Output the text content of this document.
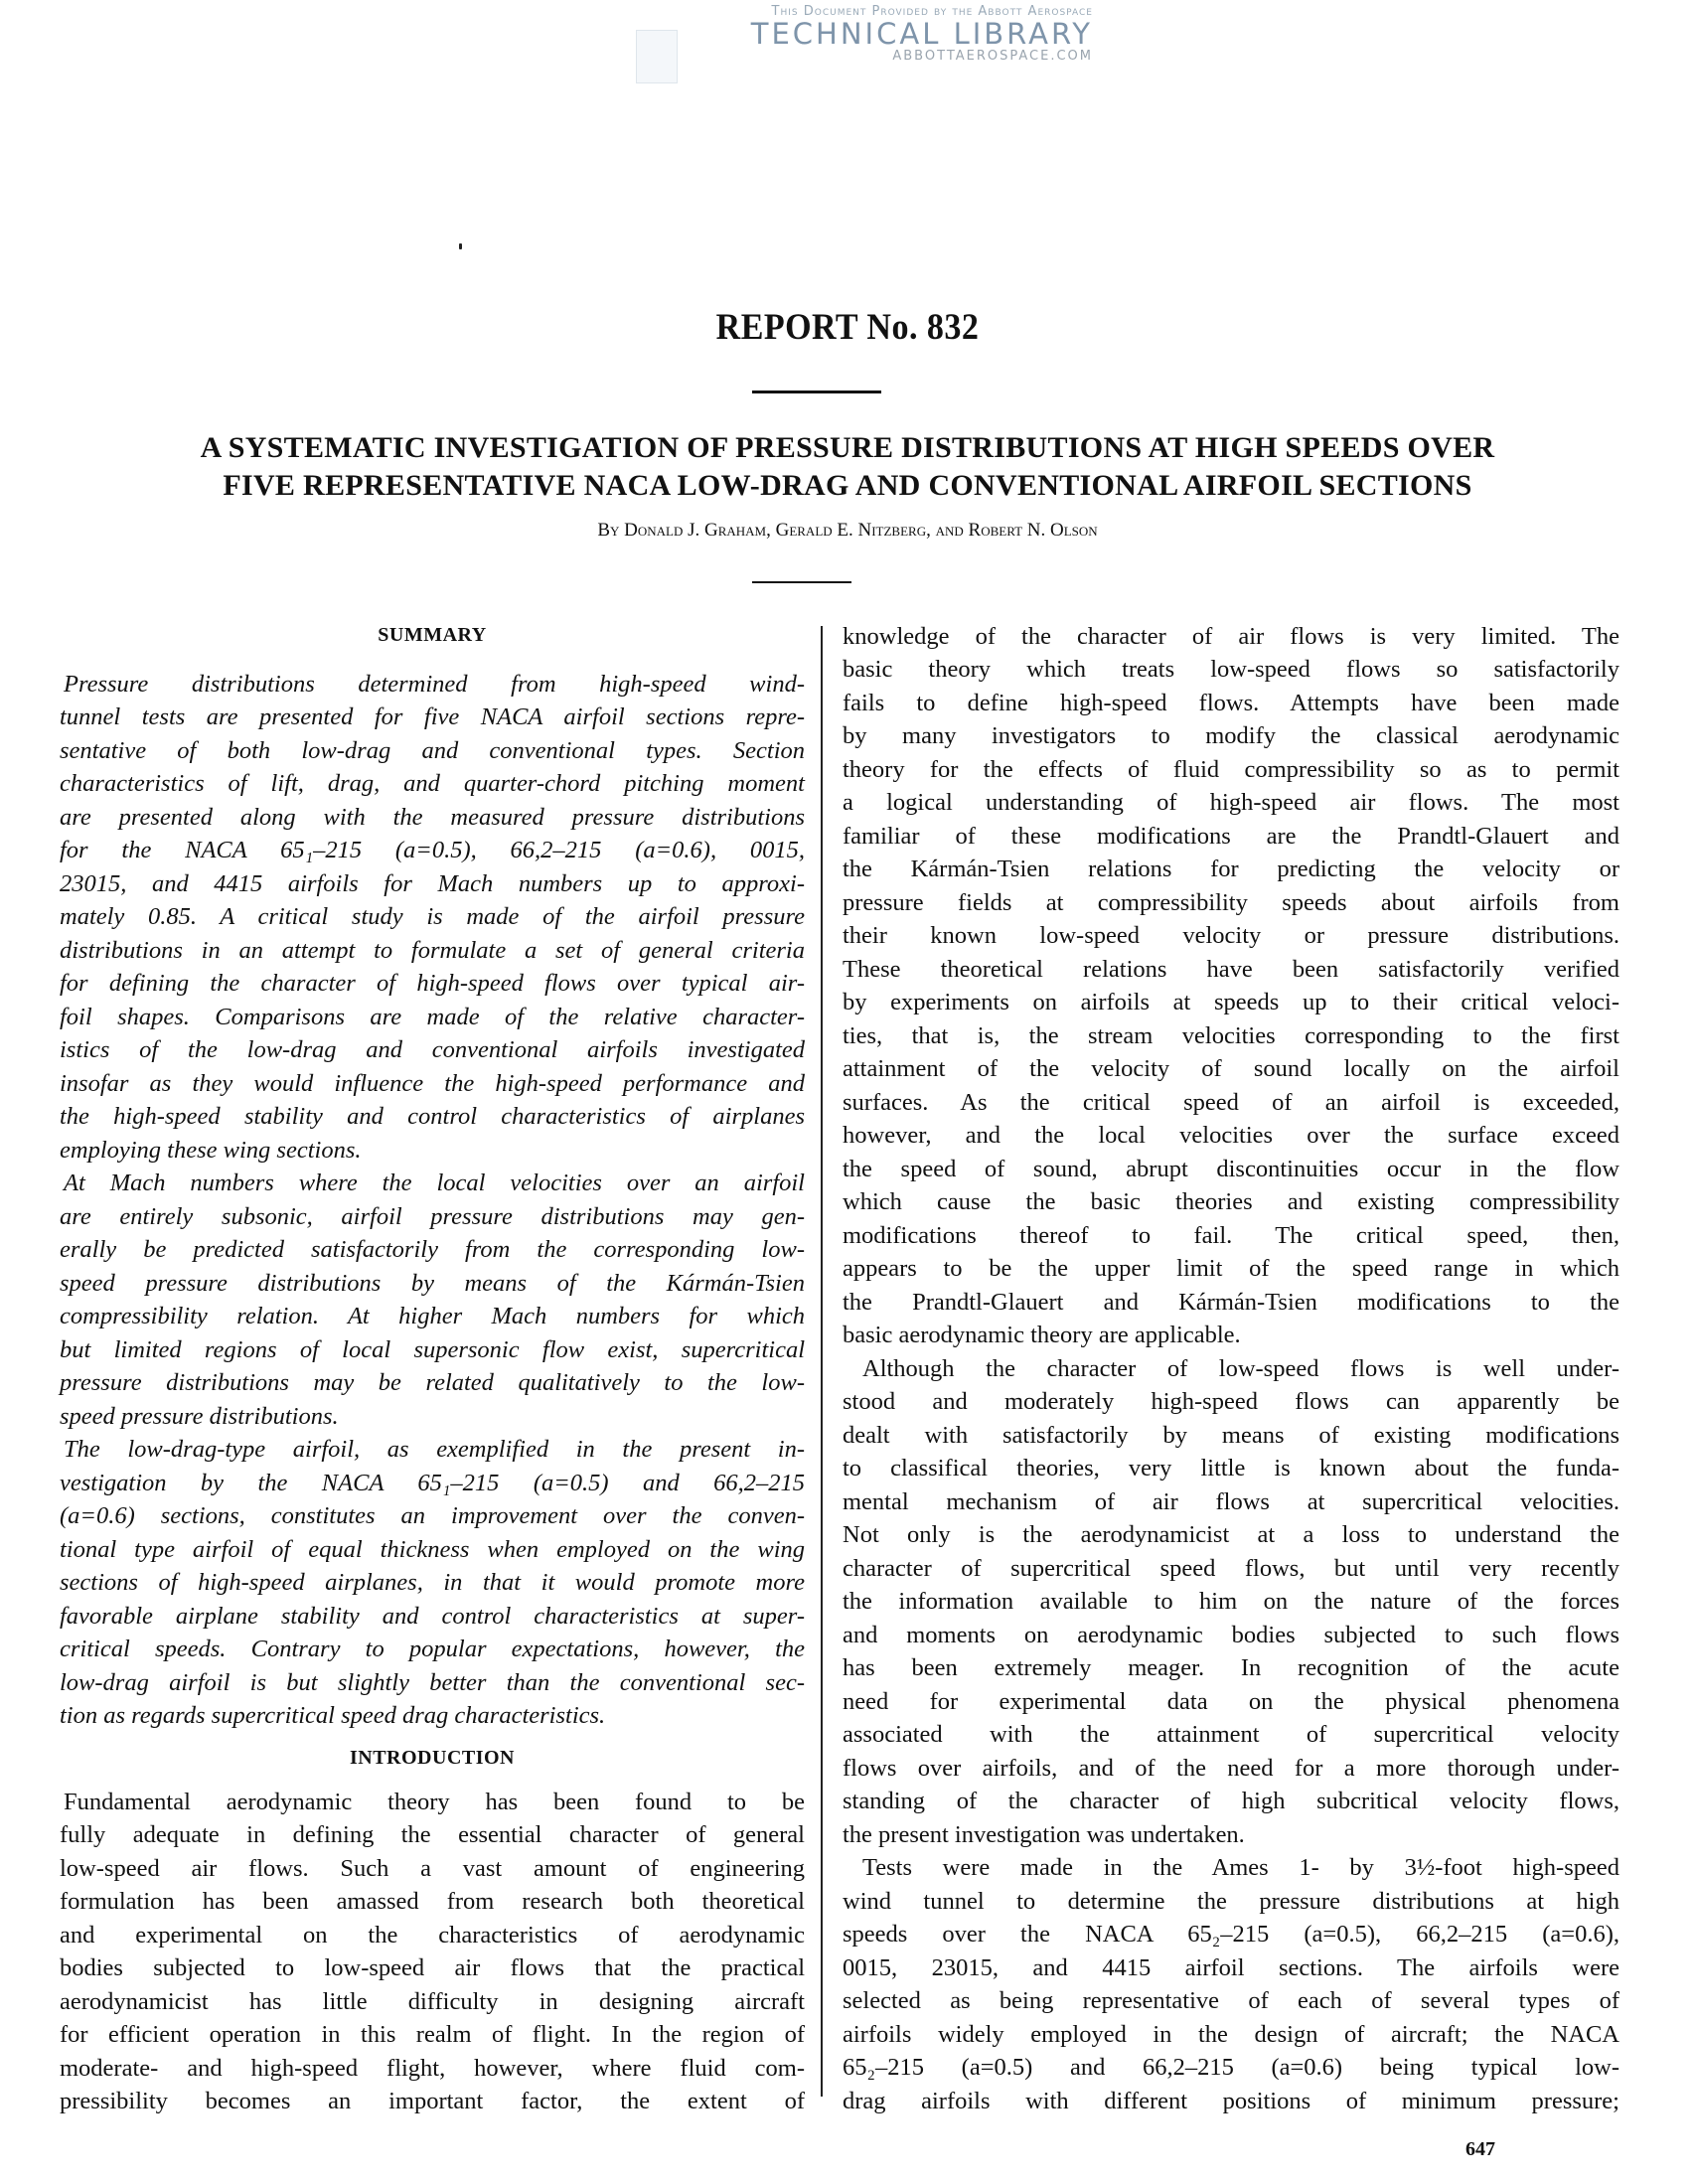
This Document Provided by the Abbott Aerospace
TECHNICAL LIBRARY
ABBOTTAEROSPACE.COM
REPORT No. 832
A SYSTEMATIC INVESTIGATION OF PRESSURE DISTRIBUTIONS AT HIGH SPEEDS OVER
FIVE REPRESENTATIVE NACA LOW-DRAG AND CONVENTIONAL AIRFOIL SECTIONS
By Donald J. Graham, Gerald E. Nitzberg, and Robert N. Olson
SUMMARY
Pressure distributions determined from high-speed wind-
tunnel tests are presented for five NACA airfoil sections repre-
sentative of both low-drag and conventional types. Section
characteristics of lift, drag, and quarter-chord pitching moment
are presented along with the measured pressure distributions
for the NACA 65₁–215 (a=0.5), 66,2–215 (a=0.6), 0015,
23015, and 4415 airfoils for Mach numbers up to approxi-
mately 0.85. A critical study is made of the airfoil pressure
distributions in an attempt to formulate a set of general criteria
for defining the character of high-speed flows over typical air-
foil shapes. Comparisons are made of the relative character-
istics of the low-drag and conventional airfoils investigated
insofar as they would influence the high-speed performance and
the high-speed stability and control characteristics of airplanes
employing these wing sections.
At Mach numbers where the local velocities over an airfoil
are entirely subsonic, airfoil pressure distributions may gen-
erally be predicted satisfactorily from the corresponding low-
speed pressure distributions by means of the Kármán-Tsien
compressibility relation. At higher Mach numbers for which
but limited regions of local supersonic flow exist, supercritical
pressure distributions may be related qualitatively to the low-
speed pressure distributions.
The low-drag-type airfoil, as exemplified in the present in-
vestigation by the NACA 65₁–215 (a=0.5) and 66,2–215
(a=0.6) sections, constitutes an improvement over the conven-
tional type airfoil of equal thickness when employed on the wing
sections of high-speed airplanes, in that it would promote more
favorable airplane stability and control characteristics at super-
critical speeds. Contrary to popular expectations, however, the
low-drag airfoil is but slightly better than the conventional sec-
tion as regards supercritical speed drag characteristics.
INTRODUCTION
Fundamental aerodynamic theory has been found to be
fully adequate in defining the essential character of general
low-speed air flows. Such a vast amount of engineering
formulation has been amassed from research both theoretical
and experimental on the characteristics of aerodynamic
bodies subjected to low-speed air flows that the practical
aerodynamicist has little difficulty in designing aircraft
for efficient operation in this realm of flight. In the region of
moderate- and high-speed flight, however, where fluid com-
pressibility becomes an important factor, the extent of
knowledge of the character of air flows is very limited. The
basic theory which treats low-speed flows so satisfactorily
fails to define high-speed flows. Attempts have been made
by many investigators to modify the classical aerodynamic
theory for the effects of fluid compressibility so as to permit
a logical understanding of high-speed air flows. The most
familiar of these modifications are the Prandtl-Glauert and
the Kármán-Tsien relations for predicting the velocity or
pressure fields at compressibility speeds about airfoils from
their known low-speed velocity or pressure distributions.
These theoretical relations have been satisfactorily verified
by experiments on airfoils at speeds up to their critical veloci-
ties, that is, the stream velocities corresponding to the first
attainment of the velocity of sound locally on the airfoil
surfaces. As the critical speed of an airfoil is exceeded,
however, and the local velocities over the surface exceed
the speed of sound, abrupt discontinuities occur in the flow
which cause the basic theories and existing compressibility
modifications thereof to fail. The critical speed, then,
appears to be the upper limit of the speed range in which
the Prandtl-Glauert and Kármán-Tsien modifications to the
basic aerodynamic theory are applicable.
Although the character of low-speed flows is well under-
stood and moderately high-speed flows can apparently be
dealt with satisfactorily by means of existing modifications
to classifical theories, very little is known about the funda-
mental mechanism of air flows at supercritical velocities.
Not only is the aerodynamicist at a loss to understand the
character of supercritical speed flows, but until very recently
the information available to him on the nature of the forces
and moments on aerodynamic bodies subjected to such flows
has been extremely meager. In recognition of the acute
need for experimental data on the physical phenomena
associated with the attainment of supercritical velocity
flows over airfoils, and of the need for a more thorough under-
standing of the character of high subcritical velocity flows,
the present investigation was undertaken.
Tests were made in the Ames 1- by 3½-foot high-speed
wind tunnel to determine the pressure distributions at high
speeds over the NACA 65₂–215 (a=0.5), 66,2–215 (a=0.6),
0015, 23015, and 4415 airfoil sections. The airfoils were
selected as being representative of each of several types of
airfoils widely employed in the design of aircraft; the NACA
65₂–215 (a=0.5) and 66,2–215 (a=0.6) being typical low-
drag airfoils with different positions of minimum pressure;
647
